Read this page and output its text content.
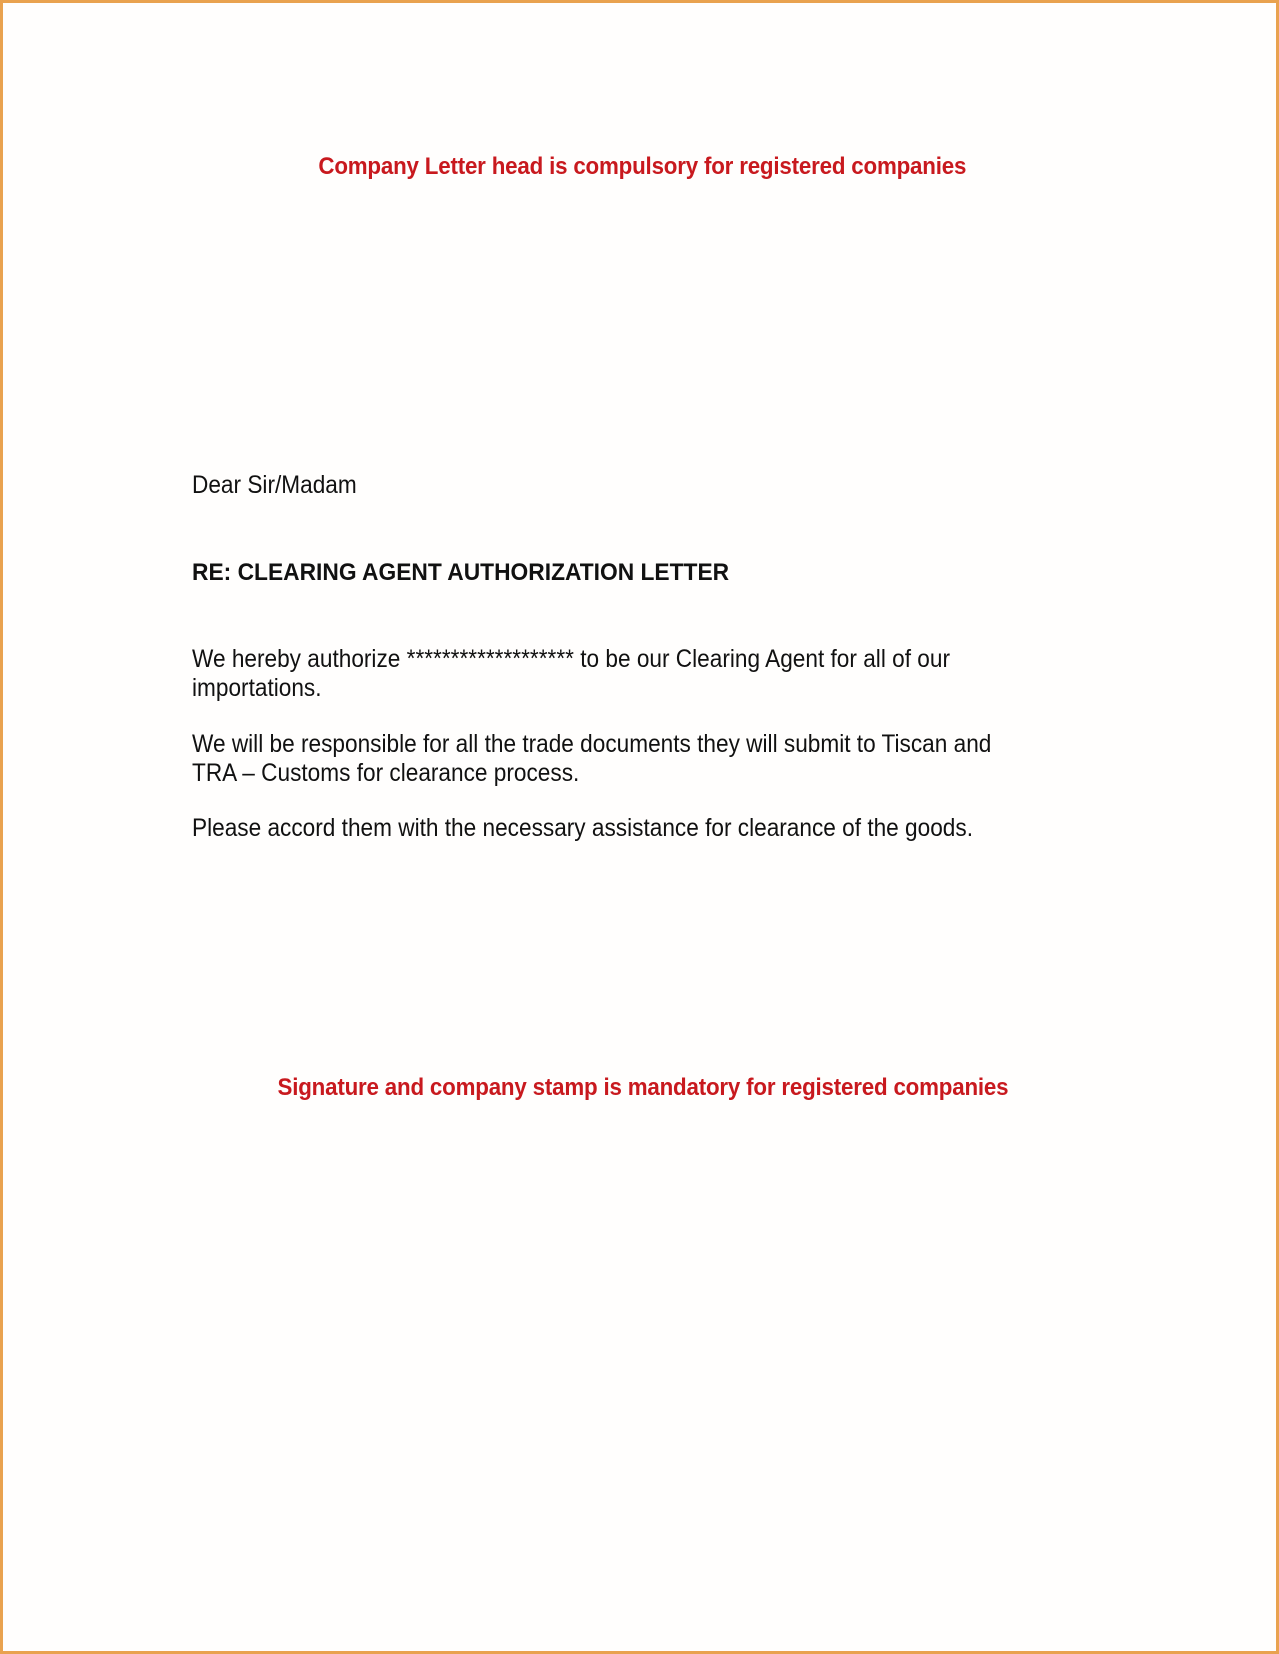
Company Letter head is compulsory for registered companies
Dear Sir/Madam
RE: CLEARING AGENT AUTHORIZATION LETTER
We hereby authorize ******************* to be our Clearing Agent for all of our
importations.
We will be responsible for all the trade documents they will submit to Tiscan and
TRA – Customs for clearance process.
Please accord them with the necessary assistance for clearance of the goods.
Signature and company stamp is mandatory for registered companies
